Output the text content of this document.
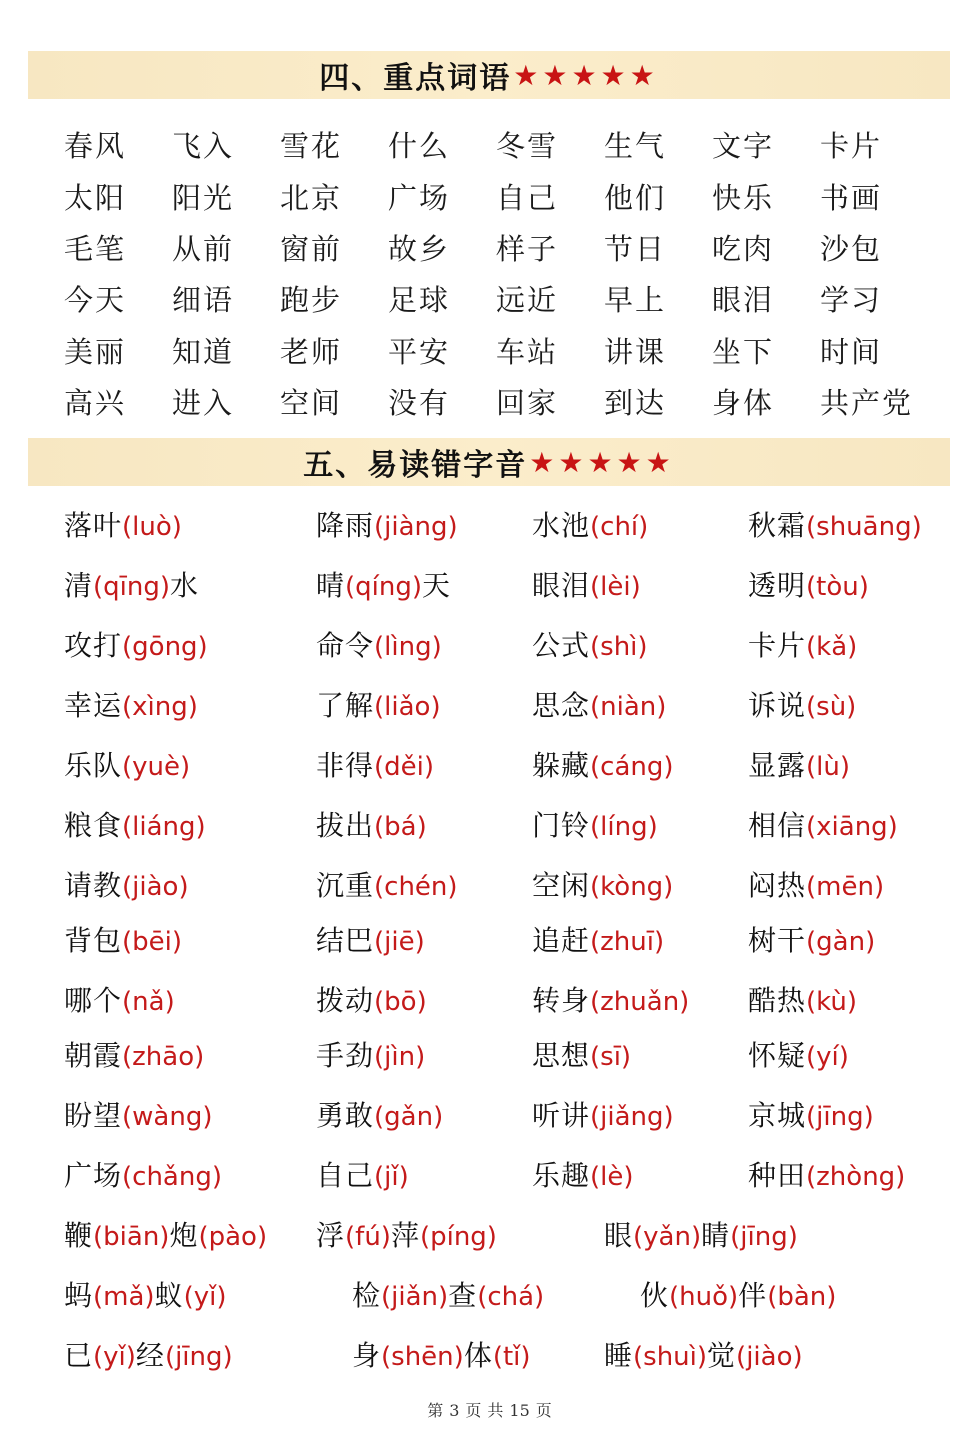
四、重点词语 ★★★★★
春风	飞入	雪花	什么	冬雪	生气	文字	卡片
太阳	阳光	北京	广场	自己	他们	快乐	书画
毛笔	从前	窗前	故乡	样子	节日	吃肉	沙包
今天	细语	跑步	足球	远近	早上	眼泪	学习
美丽	知道	老师	平安	车站	讲课	坐下	时间
高兴	进入	空间	没有	回家	到达	身体	共产党
五、易读错字音 ★★★★★
落叶(luò)	降雨(jiàng)	水池(chí)	秋霜(shuāng)
清(qīng)水	晴(qíng)天	眼泪(lèi)	透明(tòu)
攻打(gōng)	命令(lìng)	公式(shì)	卡片(kǎ)
幸运(xìng)	了解(liǎo)	思念(niàn)	诉说(sù)
乐队(yuè)	非得(děi)	躲藏(cáng)	显露(lù)
粮食(liáng)	拔出(bá)	门铃(líng)	相信(xiāng)
请教(jiào)	沉重(chén)	空闲(kòng)	闷热(mēn)
背包(bēi)	结巴(jiē)	追赶(zhuī)	树干(gàn)
哪个(nǎ)	拨动(bō)	转身(zhuǎn) 酷热(kù)
朝霞(zhāo)	手劲(jìn)	思想(sī)	怀疑(yí)
盼望(wàng)	勇敢(gǎn)	听讲(jiǎng)	京城(jīng)
广场(chǎng)	自己(jǐ)	乐趣(lè)	种田(zhòng)
鞭(biān)炮(pào) 浮(fú)萍(píng)	眼(yǎn)睛(jīng)
蚂(mǎ)蚁(yǐ)	检(jiǎn)查(chá)	伙(huǒ)伴(bàn)
已(yǐ)经(jīng)	身(shēn)体(tǐ)	睡(shuì)觉(jiào)
第 3 页 共 15 页
